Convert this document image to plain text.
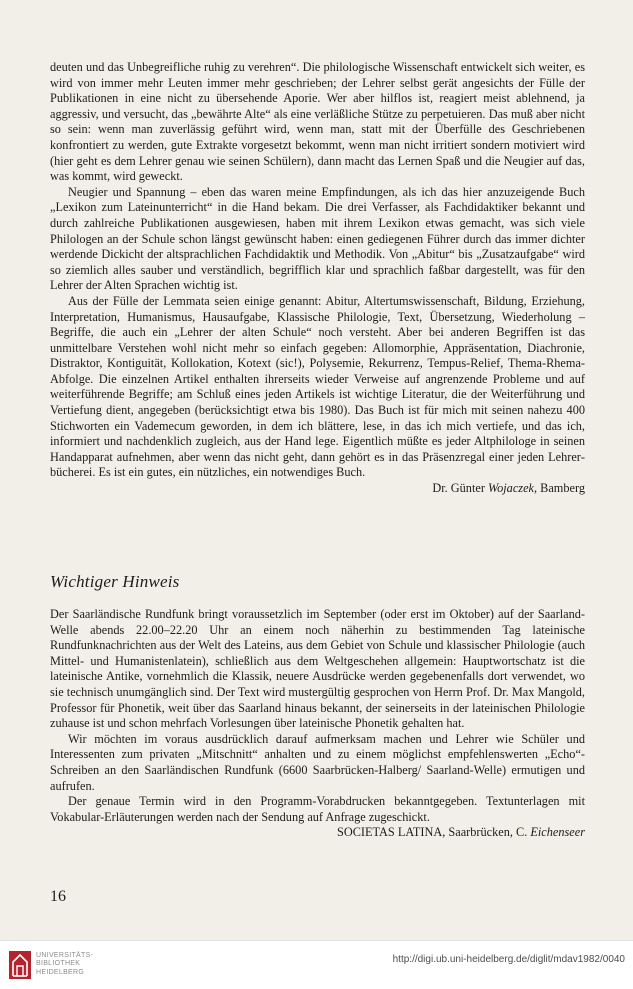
deuten und das Unbegreifliche ruhig zu verehren“. Die philologische Wissenschaft entwickelt sich weiter, es wird von immer mehr Leuten immer mehr geschrieben; der Lehrer selbst gerät angesichts der Fülle der Publikationen in eine nicht zu übersehende Aporie. Wer aber hilflos ist, reagiert meist ablehnend, ja aggressiv, und versucht, das „bewährte Alte“ als eine verläßliche Stütze zu perpetuieren. Das muß aber nicht so sein: wenn man zuverlässig geführt wird, wenn man, statt mit der Überfülle des Geschriebenen konfrontiert zu werden, gute Extrakte vorgesetzt bekommt, wenn man nicht irritiert sondern motiviert wird (hier geht es dem Lehrer genau wie seinen Schülern), dann macht das Lernen Spaß und die Neugier auf das, was kommt, wird geweckt.

Neugier und Spannung – eben das waren meine Empfindungen, als ich das hier anzuzeigende Buch „Lexikon zum Lateinunterricht“ in die Hand bekam. Die drei Verfasser, als Fachdidaktiker bekannt und durch zahlreiche Publikationen ausgewiesen, haben mit ihrem Lexikon etwas gemacht, was sich viele Philologen an der Schule schon längst gewünscht haben: einen gediegenen Führer durch das immer dichter werdende Dickicht der altsprachlichen Fachdidaktik und Methodik. Von „Abitur“ bis „Zusatzaufgabe“ wird so ziemlich alles sauber und verständlich, begrifflich klar und sprachlich faßbar dargestellt, was für den Lehrer der Alten Sprachen wichtig ist.

Aus der Fülle der Lemmata seien einige genannt: Abitur, Altertumswissenschaft, Bildung, Erziehung, Interpretation, Humanismus, Hausaufgabe, Klassische Philologie, Text, Übersetzung, Wiederholung – Begriffe, die auch ein „Lehrer der alten Schule“ noch versteht. Aber bei anderen Begriffen ist das unmittelbare Verstehen wohl nicht mehr so einfach gegeben: Allomorphie, Appräsentation, Diachronie, Distraktor, Kontiguität, Kollokation, Kotext (sic!), Polysemie, Rekurrenz, Tempus-Relief, Thema-Rhema-Abfolge. Die einzelnen Artikel enthalten ihrerseits wieder Verweise auf angrenzende Probleme und auf weiterführende Begriffe; am Schluß eines jeden Artikels ist wichtige Literatur, die der Weiterführung und Vertiefung dient, angegeben (berücksichtigt etwa bis 1980). Das Buch ist für mich mit seinen nahezu 400 Stichworten ein Vademecum geworden, in dem ich blättere, lese, in das ich mich vertiefe, und das ich, informiert und nachdenklich zugleich, aus der Hand lege. Eigentlich müßte es jeder Altphilologe in seinen Handapparat aufnehmen, aber wenn das nicht geht, dann gehört es in das Präsenzregal einer jeden Lehrerbücherei. Es ist ein gutes, ein nützliches, ein notwendiges Buch.

Dr. Günter Wojaczek, Bamberg

Wichtiger Hinweis

Der Saarländische Rundfunk bringt voraussetzlich im September (oder erst im Oktober) auf der Saarland-Welle abends 22.00–22.20 Uhr an einem noch näherhin zu bestimmenden Tag lateinische Rundfunknachrichten aus der Welt des Lateins, aus dem Gebiet von Schule und klassischer Philologie (auch Mittel- und Humanistenlatein), schließlich aus dem Weltgeschehen allgemein: Hauptwortschatz ist die lateinische Antike, vornehmlich die Klassik, neuere Ausdrücke werden gegebenenfalls dort verwendet, wo sie technisch unumgänglich sind. Der Text wird mustergültig gesprochen von Herrn Prof. Dr. Max Mangold, Professor für Phonetik, weit über das Saarland hinaus bekannt, der seinerseits in der lateinischen Philologie zuhause ist und schon mehrfach Vorlesungen über lateinische Phonetik gehalten hat.

Wir möchten im voraus ausdrücklich darauf aufmerksam machen und Lehrer wie Schüler und Interessenten zum privaten „Mitschnitt“ anhalten und zu einem möglichst empfehlenswerten „Echo“-Schreiben an den Saarländischen Rundfunk (6600 Saarbrücken-Halberg/ Saarland-Welle) ermutigen und aufrufen.

Der genaue Termin wird in den Programm-Vorabdrucken bekanntgegeben. Textunterlagen mit Vokabular-Erläuterungen werden nach der Sendung auf Anfrage zugeschickt.

SOCIETAS LATINA, Saarbrücken, C. Eichenseer

16
UNIVERSITÄTS-
BIBLIOTHEK
HEIDELBERG
http://digi.ub.uni-heidelberg.de/diglit/mdav1982/0040
